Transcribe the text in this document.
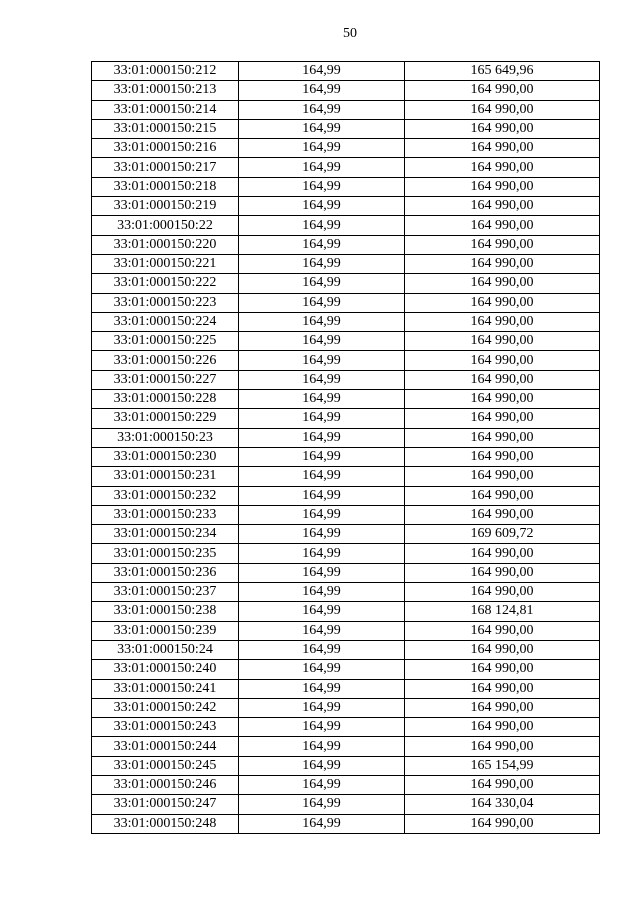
50
33:01:000150:212	164,99	165 649,96
33:01:000150:213	164,99	164 990,00
33:01:000150:214	164,99	164 990,00
33:01:000150:215	164,99	164 990,00
33:01:000150:216	164,99	164 990,00
33:01:000150:217	164,99	164 990,00
33:01:000150:218	164,99	164 990,00
33:01:000150:219	164,99	164 990,00
33:01:000150:22	164,99	164 990,00
33:01:000150:220	164,99	164 990,00
33:01:000150:221	164,99	164 990,00
33:01:000150:222	164,99	164 990,00
33:01:000150:223	164,99	164 990,00
33:01:000150:224	164,99	164 990,00
33:01:000150:225	164,99	164 990,00
33:01:000150:226	164,99	164 990,00
33:01:000150:227	164,99	164 990,00
33:01:000150:228	164,99	164 990,00
33:01:000150:229	164,99	164 990,00
33:01:000150:23	164,99	164 990,00
33:01:000150:230	164,99	164 990,00
33:01:000150:231	164,99	164 990,00
33:01:000150:232	164,99	164 990,00
33:01:000150:233	164,99	164 990,00
33:01:000150:234	164,99	169 609,72
33:01:000150:235	164,99	164 990,00
33:01:000150:236	164,99	164 990,00
33:01:000150:237	164,99	164 990,00
33:01:000150:238	164,99	168 124,81
33:01:000150:239	164,99	164 990,00
33:01:000150:24	164,99	164 990,00
33:01:000150:240	164,99	164 990,00
33:01:000150:241	164,99	164 990,00
33:01:000150:242	164,99	164 990,00
33:01:000150:243	164,99	164 990,00
33:01:000150:244	164,99	164 990,00
33:01:000150:245	164,99	165 154,99
33:01:000150:246	164,99	164 990,00
33:01:000150:247	164,99	164 330,04
33:01:000150:248	164,99	164 990,00
